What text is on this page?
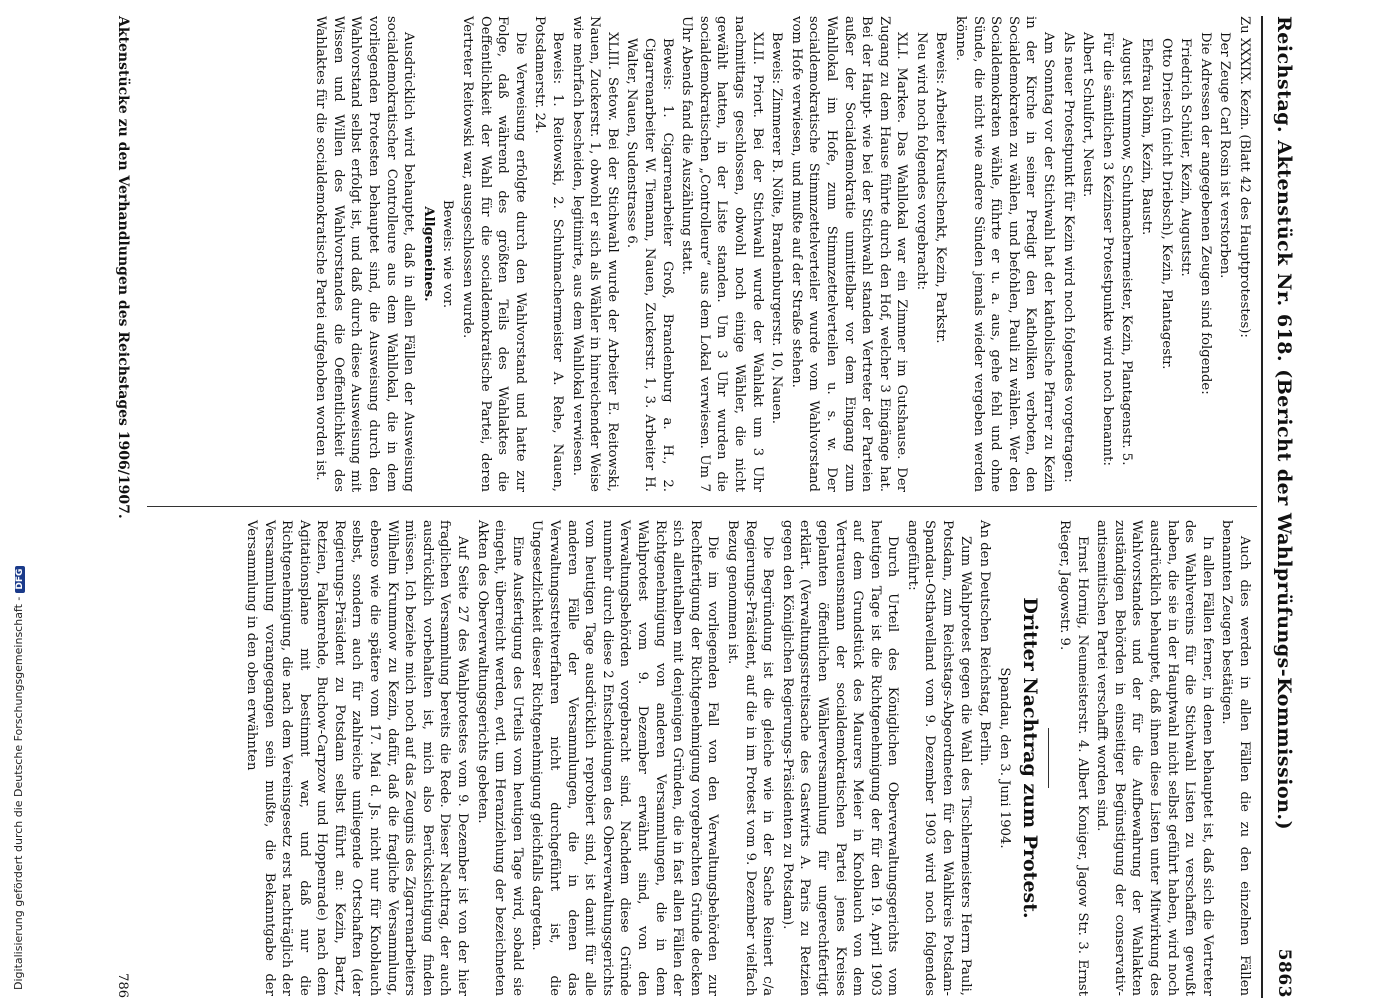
Digitalisierung gefördert durch die Deutsche Forschungsgemeinschaft -DFG	Reichstag. Aktenstück Nr. 618. (Bericht der Wahlprüfungs-Kommission.)
5863

Zu XXXIX. Kezin. (Blatt 42 des Hauptprotestes):

Der Zeuge Carl Rosin ist verstorben.

Die Adressen der angegebenen Zeugen sind folgende:

Friedrich Schüler, Kezin, Auguststr.

Otto Driesch (nicht Driebsch), Kezin, Plantagestr.

Ehefrau Böhm, Kezin, Baustr.

August Krummow, Schuhmachermeister, Kezin, Plantagenstr. 5.

Für die sämtlichen 3 Kezinser Protestpunkte wird noch benannt:

Albert Schulfort, Neustr.

Als neuer Protestpunkt für Kezin wird noch folgendes vorgetragen:

Am Sonntag vor der Stichwahl hat der katholische Pfarrer zu Kezin in der Kirche in seiner Predigt den Katholiken verboten, den Socialdemokraten zu wählen, und befohlen, Pauli zu wählen. Wer den Socialdemokraten wähle, führte er u. a. aus, gehe fehl und ohne Sünde, die nicht wie andere Sünden jemals wieder vergeben werden könne.

Beweis: Arbeiter Krautschenkt, Kezin, Parkstr.

Neu wird noch folgendes vorgebracht:

XLI. Markee. Das Wahllokal war ein Zimmer im Gutshause. Der Zugang zu dem Hause führte durch den Hof, welcher 3 Eingänge hat. Bei der Haupt- wie bei der Stichwahl standen Vertreter der Parteien außer der Socialdemokratie unmittelbar vor dem Eingang zum Wahllokal im Hofe, zum Stimmzettelverteilen u. s. w. Der socialdemokratische Stimmzettelverteiler wurde vom Wahlvorstand vom Hofe verwiesen, und mußte auf der Straße stehen.

Beweis: Zimmerer B. Nölte, Brandenburgerstr. 10, Nauen.

XLII. Priort. Bei der Stichwahl wurde der Wahlakt um 3 Uhr nachmittags geschlossen, obwohl noch einige Wähler, die nicht gewählt hatten, in der Liste standen. Um 3 Uhr wurden die socialdemokratischen „Controlleure“ aus dem Lokal verwiesen. Um 7 Uhr Abends fand die Auszählung statt.

Beweis: 1. Cigarrenarbeiter Groß, Brandenburg a. H., 2. Cigarrenarbeiter W. Tiemann, Nauen, Zuckerstr. 1, 3. Arbeiter H. Walter, Nauen, Sudenstrasse 6.

XLIII. Setow. Bei der Stichwahl wurde der Arbeiter E. Reitowski, Nauen, Zuckerstr. 1, obwohl er sich als Wähler in hinreichender Weise wie mehrfach bescheiden, legitimirte, aus dem Wahllokal verwiesen.

Beweis: 1. Reitowski, 2. Schuhmachermeister A. Rehe, Nauen, Potsdamerstr. 24.

Die Verweisung erfolgte durch den Wahlvorstand und hatte zur Folge, daß während des größten Teils des Wahlaktes die Oeffentlichkeit der Wahl für die socialdemokratische Partei, deren Vertreter Reitowski war, ausgeschlossen wurde.

Beweis: wie vor.

Allgemeines.

Ausdrücklich wird behauptet, daß in allen Fällen der Ausweisung socialdemokratischer Controlleure aus dem Wahllokal, die in dem vorliegenden Protesten behauptet sind, die Ausweisung durch den Wahlvorstand selbst erfolgt ist, und daß durch diese Ausweisung mit Wissen und Willen des Wahlvorstandes die Oeffentlichkeit des Wahlaktes für die socialdemokratische Partei aufgehoben worden ist.

Auch dies werden in allen Fällen die zu den einzelnen Fällen benannten Zeugen bestätigen.

In allen Fällen ferner, in denen behauptet ist, daß sich die Vertreter des Wahlvereins für die Stichwahl Listen zu verschaffen gewußt haben, die sie in der Hauptwahl nicht selbst geführt haben, wird noch ausdrücklich behauptet, daß ihnen diese Listen unter Mitwirkung des Wahlvorstandes und der für die Aufbewahrung der Wahlakten zuständigen Behörden in einseitiger Begünstigung der conservativ-antisemitischen Partei verschafft worden sind.

Ernst Hornig, Neumeisterstr. 4. Albert Koniger, Jagow Str. 3. Ernst Rieger, Jagowstr. 9.

Dritter Nachtrag zum Protest.

Spandau, den 3. Juni 1904.

An den Deutschen Reichstag, Berlin.

Zum Wahlprotest gegen die Wahl des Tischlermeisters Herrn Pauli, Potsdam, zum Reichstags-Abgeordneten für den Wahlkreis Potsdam-Spandau-Osthavelland vom 9. Dezember 1903 wird noch folgendes angeführt:

Durch Urteil des Königlichen Oberverwaltungsgerichts vom heutigen Tage ist die Richtgenehmigung der für den 19. April 1903 auf dem Grundstück des Maurers Meier in Knoblauch von dem Vertrauensmann der socialdemokratischen Partei jenes Kreises geplanten öffentlichen Wählerversammlung für ungerechtfertigt erklärt. (Verwaltungsstreitsache des Gastwirts A. Paris zu Retzien gegen den Königlichen Regierungs-Präsidenten zu Potsdam).

Die Begründung ist die gleiche wie in der Sache Reinert c/a Regierungs-Präsident, auf die in im Protest vom 9. Dezember vielfach Bezug genommen ist.

Die im vorliegenden Fall von den Verwaltungsbehörden zur Rechtfertigung der Richtgenehmigung vorgebrachten Gründe decken sich allenthalben mit denjenigen Gründen, die in fast allen Fällen der Richtgenehmigung von anderen Versammlungen, die in dem Wahlprotest vom 9. Dezember erwähnt sind, von den Verwaltungsbehörden vorgebracht sind. Nachdem diese Gründe nunmehr durch diese 2 Entscheidungen des Oberverwaltungsgerichts vom heutigen Tage ausdrücklich reprobiert sind, ist damit für alle anderen Fälle der Versammlungen, die in denen das Verwaltungsstreitverfahren nicht durchgeführt ist, die Ungesetzlichkeit dieser Richtgenehmigung gleichfalls dargetan.

Eine Ausfertigung des Urteils vom heutigen Tage wird, sobald sie eingeht, überreicht werden, evtl. um Heranziehung der bezeichneten Akten des Oberverwaltungsgerichts gebeten.

Auf Seite 27 des Wahlprotestes vom 9. Dezember ist von der hier fraglichen Versammlung bereits die Rede. Dieser Nachtrag, der auch ausdrücklich vorbehalten ist, mich also Berücksichtigung finden müssen. Ich beziehe mich noch auf das Zeugnis des Zigarrenarbeiters Wilhelm Krummow zu Kezin, dafür, daß die fragliche Versammlung, ebenso wie die spätere vom 17. Mai d. Js. nicht nur für Knoblauch selbst, sondern auch für zahlreiche umliegende Ortschaften (der Regierungs-Präsident zu Potsdam selbst führt an: Kezin, Bartz, Retzien, Falkenrehde, Buchow-Carpzow und Hoppenrade) nach dem Agitationsplane mit bestimmt war, und daß nur die Richtgenehmigung, die nach dem Vereinsgesetz erst nachträglich der Versammlung vorangegangen sein mußte, die Bekanntgabe der Versammlung in den oben erwähnten

Aktenstücke zu den Verhandlungen des Reichstages 1906/1907.
786
